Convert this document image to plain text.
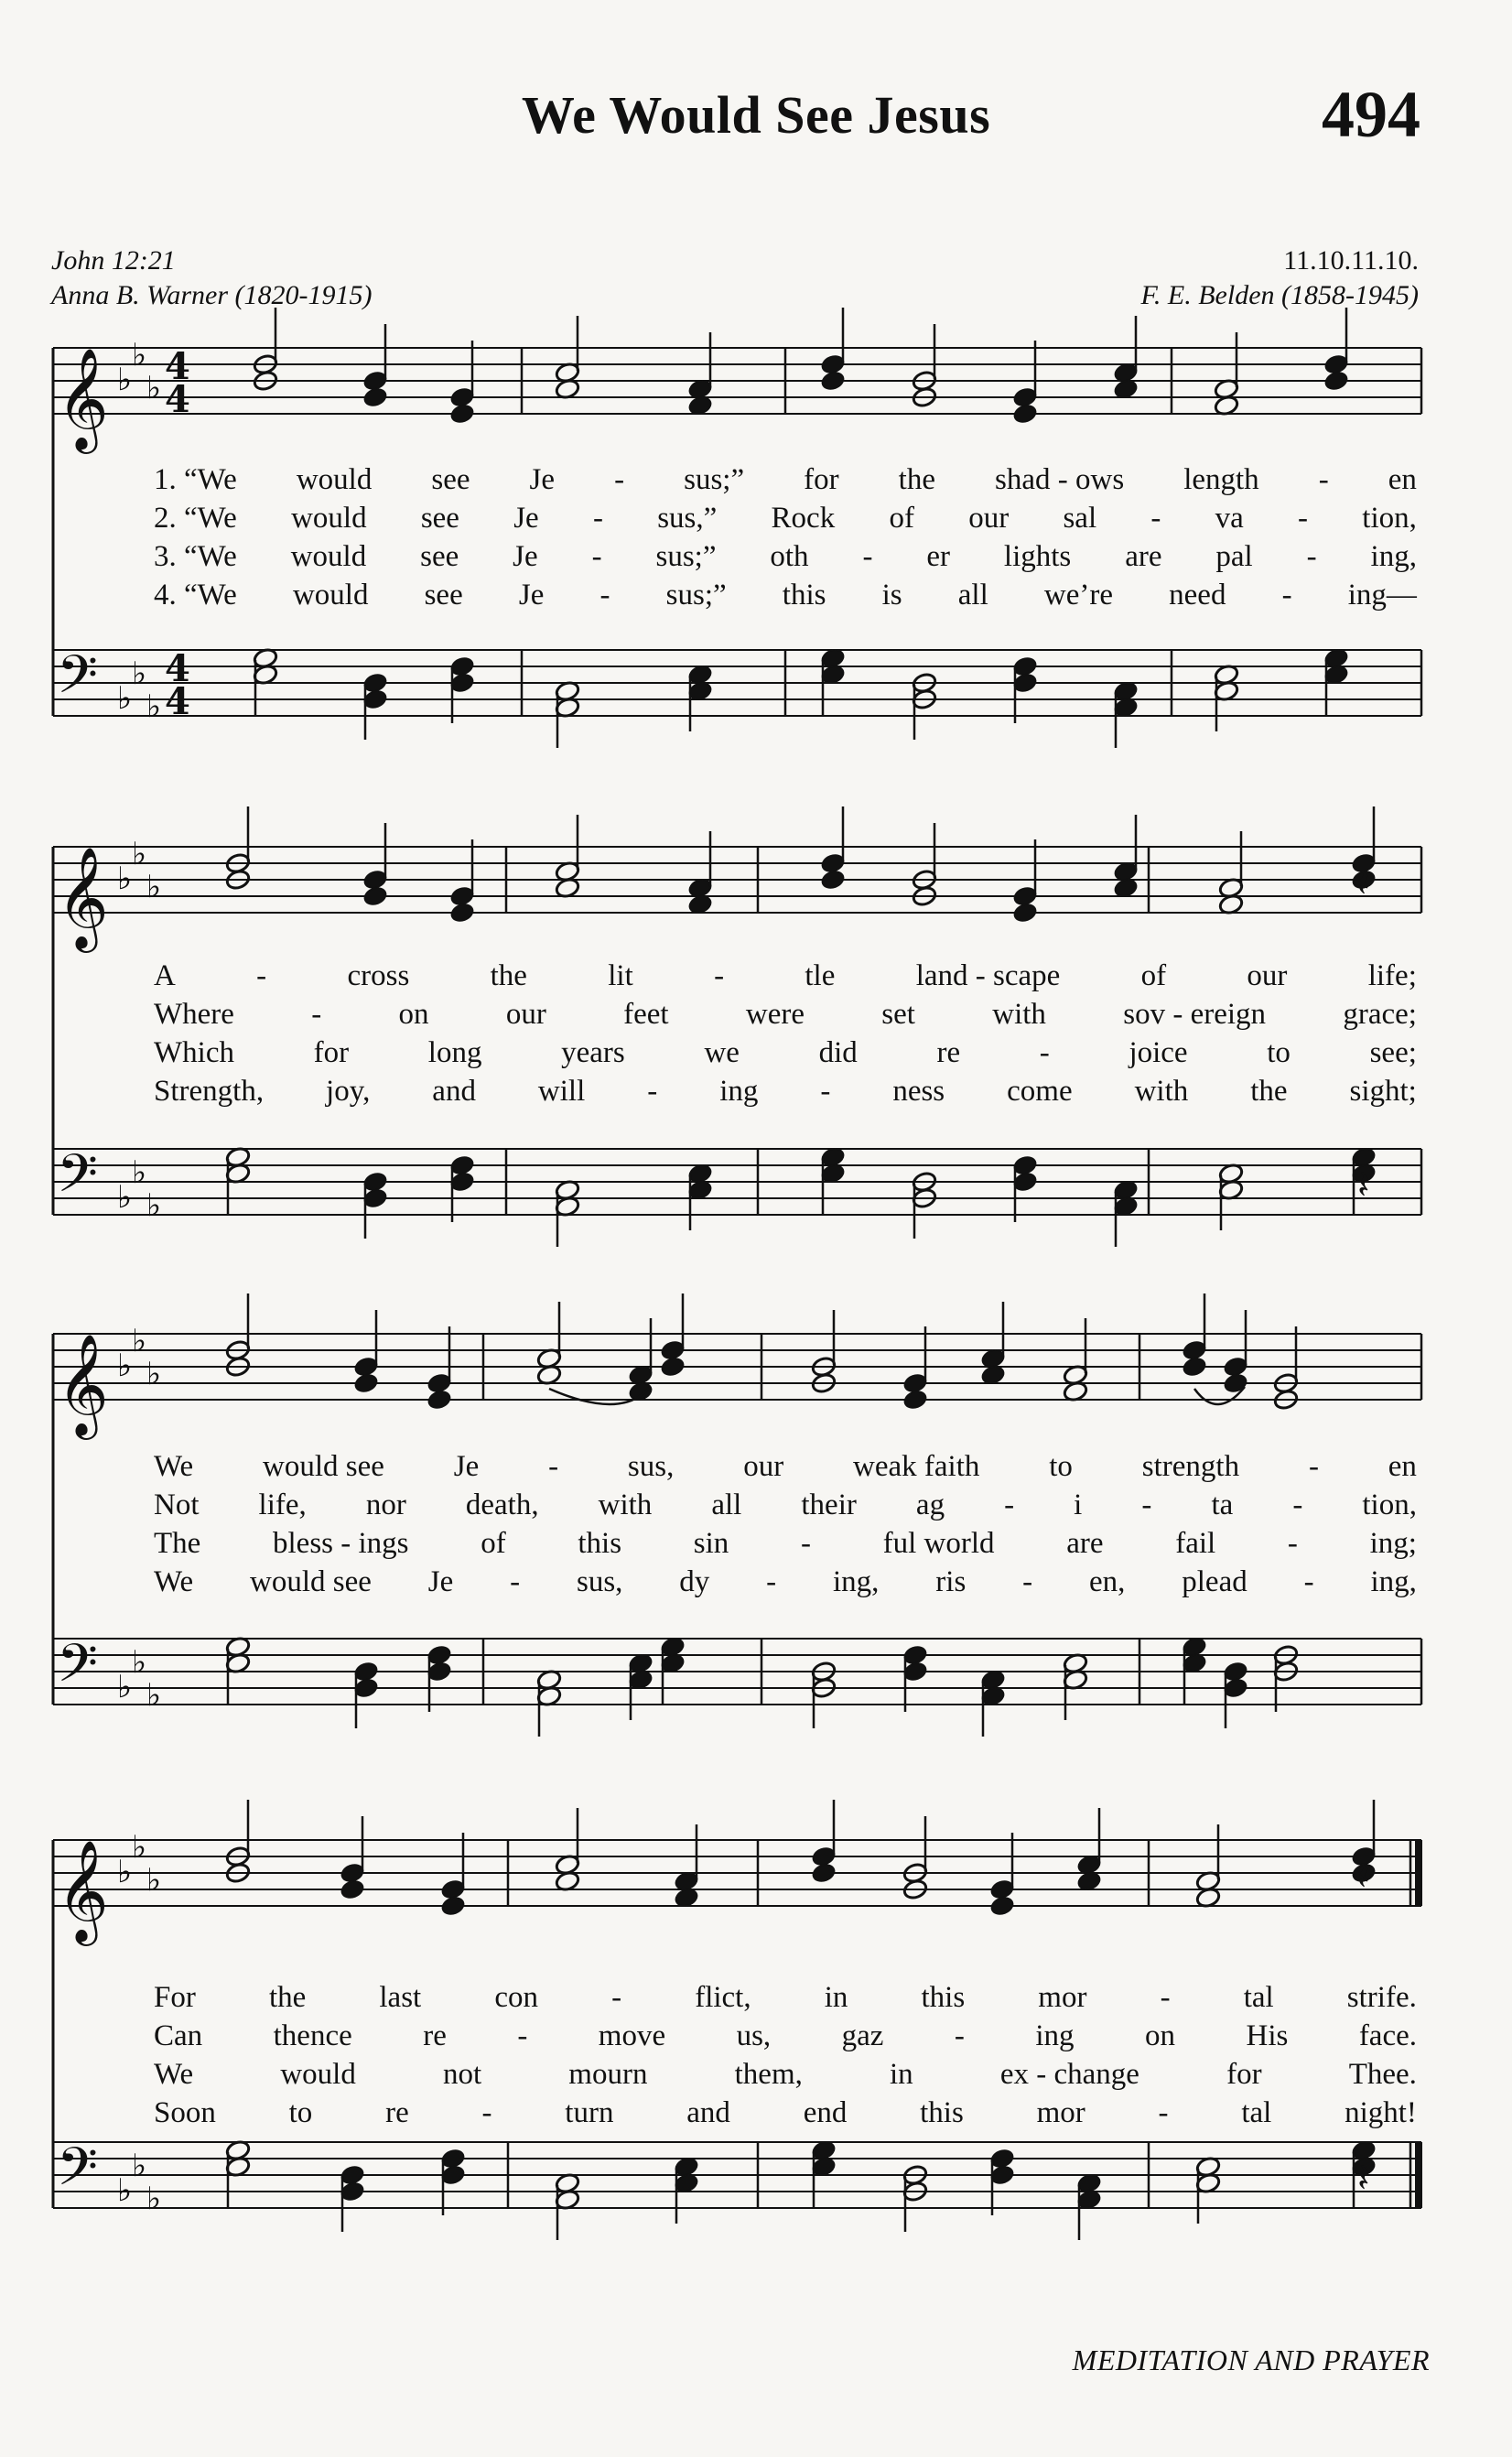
We Would See Jesus	494
John 12:21
Anna B. Warner (1820-1915)
11.10.11.10.
F. E. Belden (1858-1945)
𝄞
𝄢
♭
♭
♭
♭
♭
♭
4
4
4
4
𝄞
𝄢
♭
♭
♭
♭
♭
♭
𝄽
𝄽
𝄞
𝄢
♭
♭
♭
♭
♭
♭
𝄞
𝄢
♭
♭
♭
♭
♭
♭
𝄽
𝄽
1. “We would see Je - sus;” for the shad - ows length - en
2. “We would see Je - sus,” Rock of our sal - va - tion,
3. “We would see Je - sus;” oth - er lights are pal - ing,
4. “We would see Je - sus;” this is all we’re need - ing—
A	-	cross	the	lit	-	tle	land - scape	of	our	life;
Where	-	on	our	feet	were	set	with	sov - ereign	grace;
Which	for	long	years	we	did	re	-	joice	to	see;
Strength, joy, and will - ing - ness come with the sight;
We would see Je - sus, our weak faith to strength - en
Not life, nor death, with all their ag - i - ta - tion,
The bless - ings of this sin - ful world are fail - ing;
We would see Je - sus, dy - ing, ris - en, plead - ing,
For the last con - flict, in this mor - tal strife.
Can thence re - move us, gaz - ing on His face.
We	would	not	mourn	them,	in	ex - change	for	Thee.
Soon to re - turn and end this mor - tal night!
MEDITATION AND PRAYER
